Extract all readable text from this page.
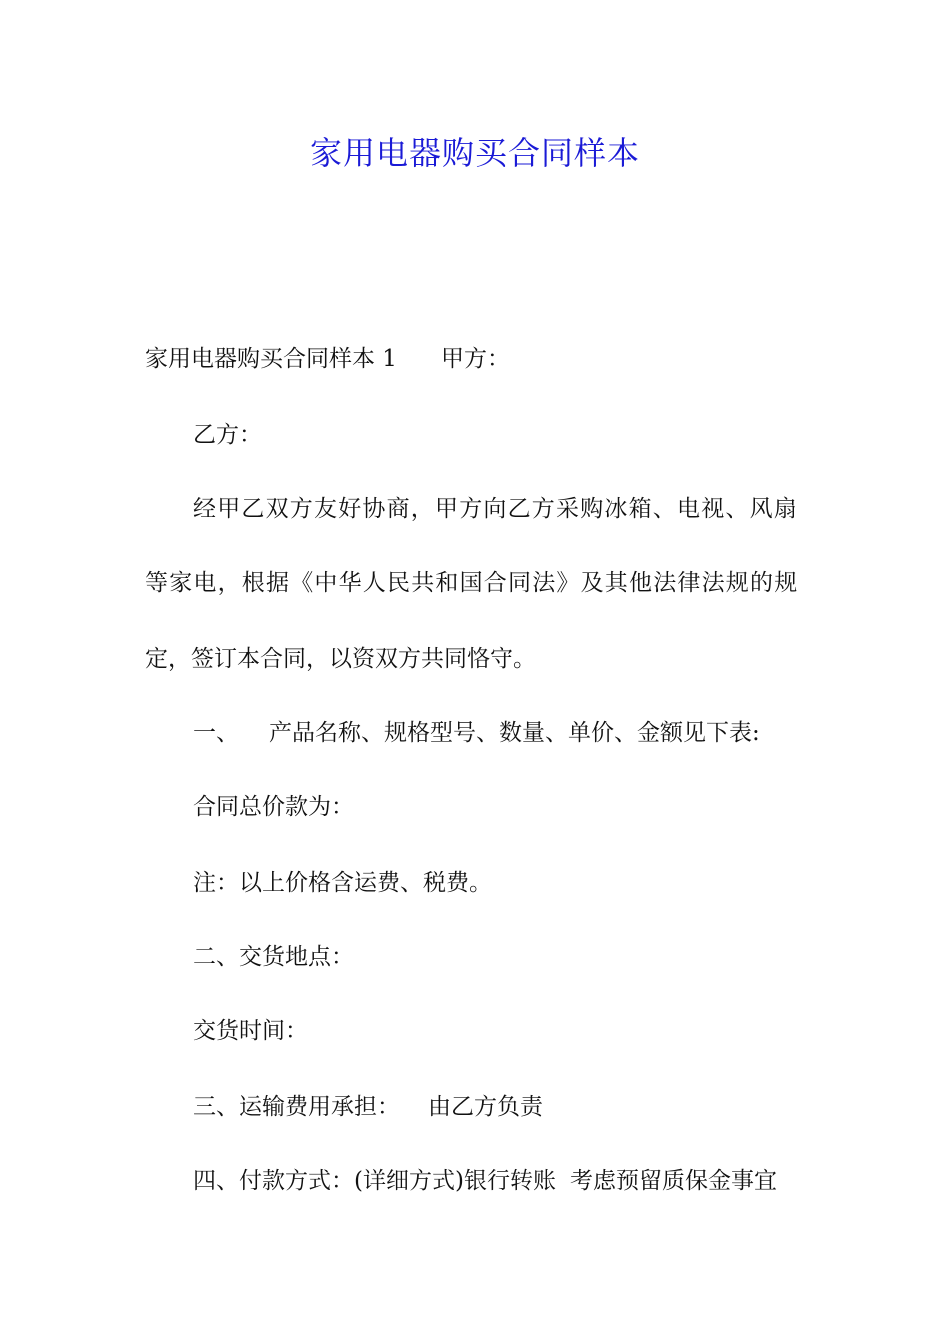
家用电器购买合同样本
家用电器购买合同样本 1 甲方：
乙方：
经甲乙双方友好协商，甲方向乙方采购冰箱、电视、风扇
等家电，根据《中华人民共和国合同法》及其他法律法规的规
定，签订本合同，以资双方共同恪守。
一、 产品名称、规格型号、数量、单价、金额见下表:
合同总价款为：
注：以上价格含运费、税费。
二、交货地点：
交货时间：
三、运输费用承担： 由乙方负责
四、付款方式：(详细方式)银行转账 考虑预留质保金事宜
